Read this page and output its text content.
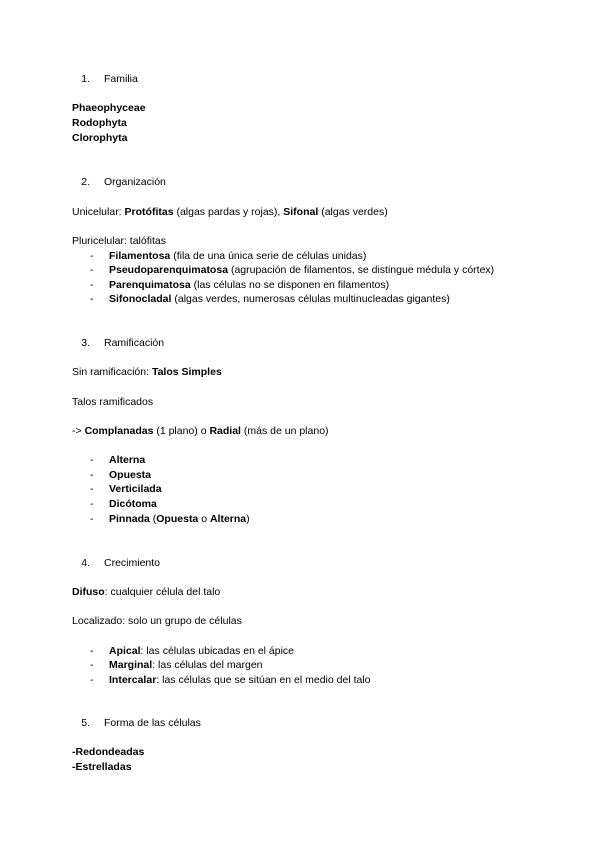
1. Familia
Phaeophyceae
Rodophyta
Clorophyta
2. Organización
Unicelular: Protófitas (algas pardas y rojas), Sifonal (algas verdes)
Pluricelular: talófitas
- Filamentosa (fila de una única serie de células unidas)
- Pseudoparenquimatosa (agrupación de filamentos, se distingue médula y córtex)
- Parenquimatosa (las células no se disponen en filamentos)
- Sifonocladal (algas verdes, numerosas células multinucleadas gigantes)
3. Ramificación
Sin ramificación: Talos Simples
Talos ramificados
-> Complanadas (1 plano) o Radial (más de un plano)
- Alterna
- Opuesta
- Verticilada
- Dicótoma
- Pinnada (Opuesta o Alterna)
4. Crecimiento
Difuso: cualquier célula del talo
Localizado: solo un grupo de células
- Apical: las células ubicadas en el ápice
- Marginal: las células del margen
- Intercalar: las células que se sitúan en el medio del talo
5. Forma de las células
-Redondeadas
-Estrelladas
